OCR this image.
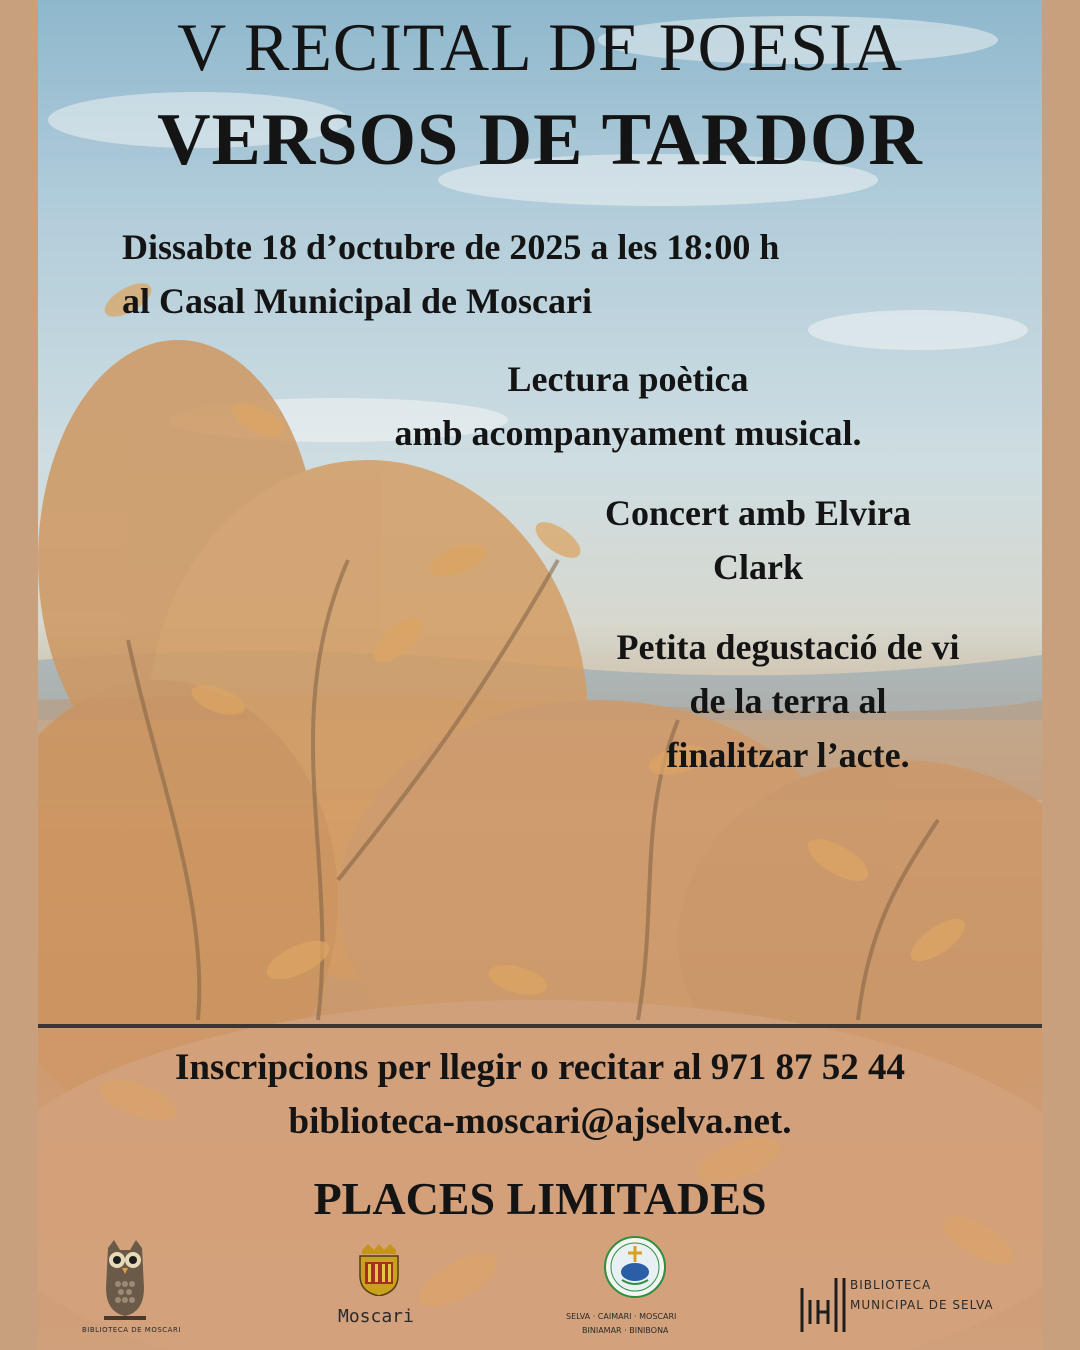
V RECITAL DE POESIA

VERSOS DE TARDOR

Dissabte 18 d’octubre de 2025 a les 18:00 h

al Casal Municipal de Moscari

Lectura poètica
amb acompanyament musical.
Concert amb Elvira
Clark
Petita degustació de vi
de la terra al
finalitzar l’acte.

Inscripcions per llegir o recitar al 971 87 52 44

biblioteca-moscari@ajselva.net.

PLACES LIMITADES

BIBLIOTECA DE MOSCARI
Moscari	SELVA · CAIMARI · MOSCARI
BINIAMAR · BINIBONA
BIBLIOTECA
MUNICIPAL DE SELVA
